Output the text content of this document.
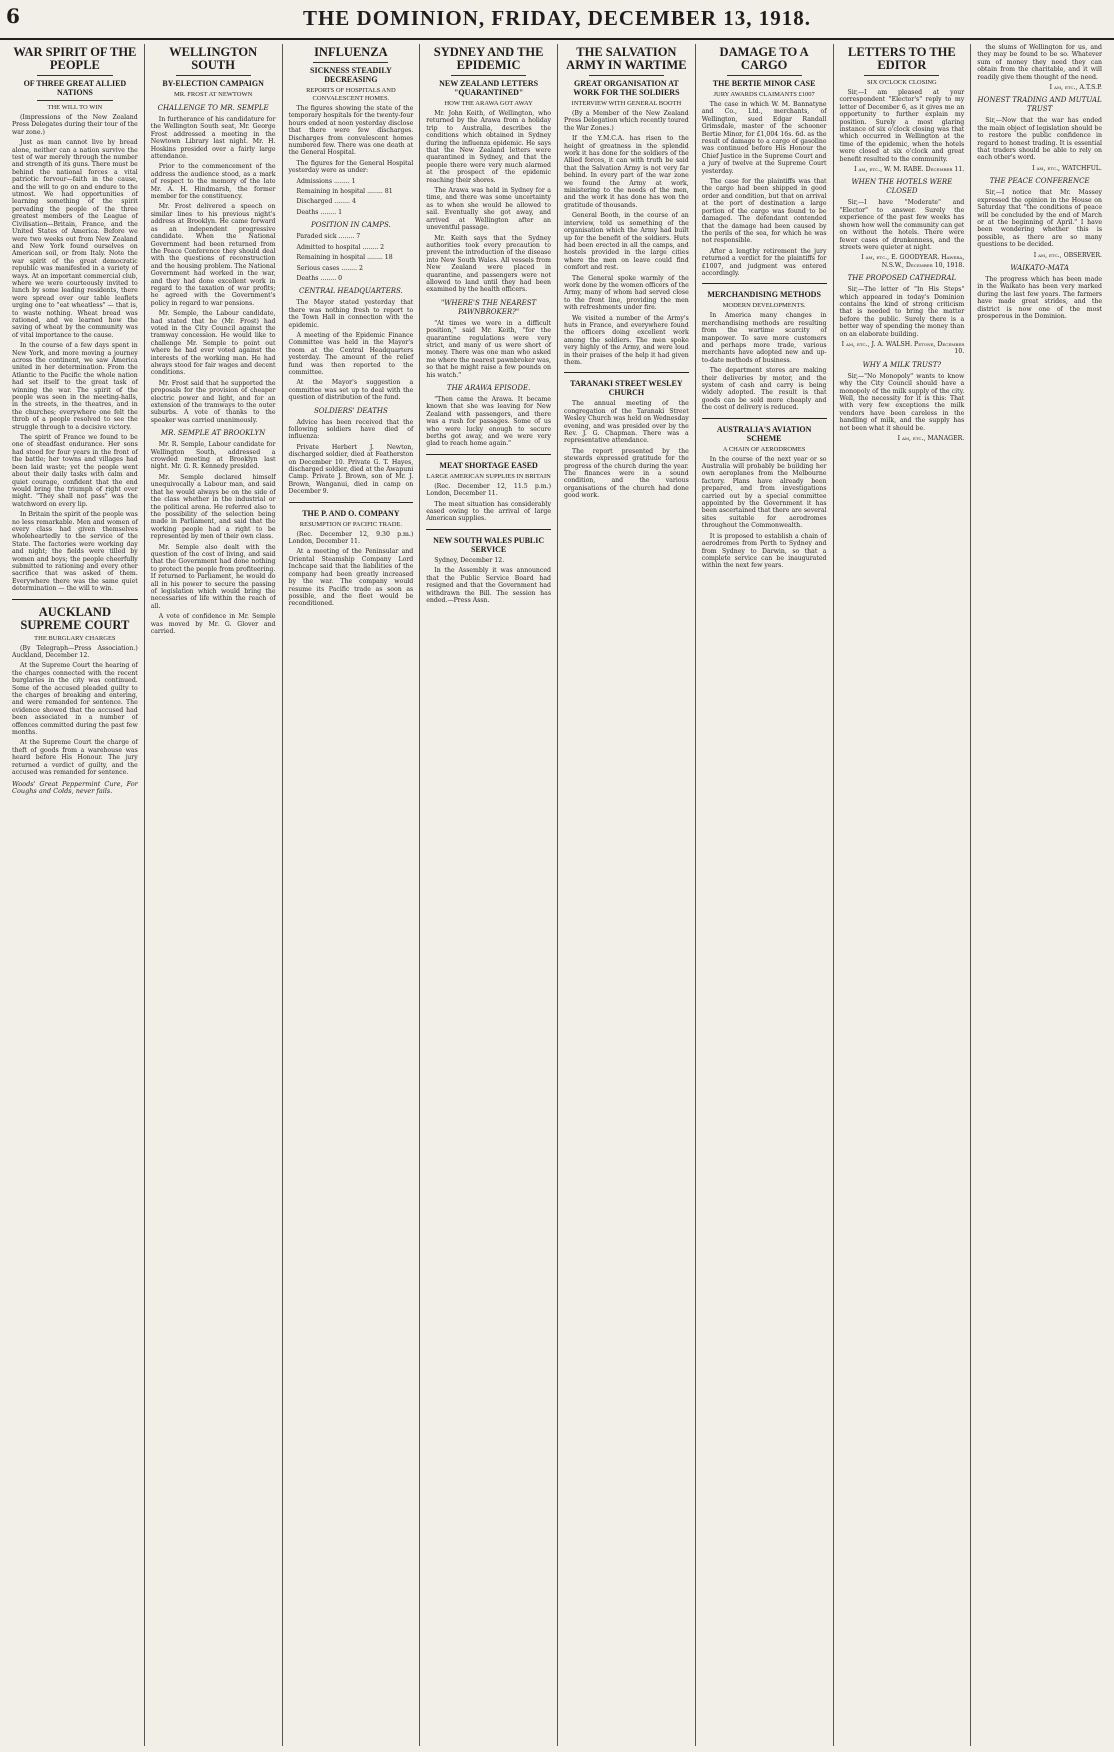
6	THE DOMINION, FRIDAY, DECEMBER 13, 1918.
WAR SPIRIT OF THE PEOPLE
OF THREE GREAT ALLIED NATIONS
THE WILL TO WIN
(Impressions of the New Zealand Press Delegates during their tour of the war zone.)
Just as man cannot live by bread alone, neither can a nation survive the test of war merely through the number and strength of its guns. There must be behind the national forces a vital patriotic fervour—faith in the cause, and the will to go on and endure to the utmost. We had opportunities of learning something of the spirit pervading the people of the three greatest members of the League of Civilisation—Britain, France, and the United States of America. Before we were two weeks out from New Zealand and New York found ourselves on American soil, or from Italy. Note the war spirit of the great democratic republic was manifested in a variety of ways. At an important commercial club, where we were courteously invited to lunch by some leading residents, there were spread over our table leaflets urging one to "eat wheatless" — that is, to waste nothing. Wheat bread was rationed, and we learned how the saving of wheat by the community was of vital importance to the cause.
In the course of a few days spent in New York, and more moving a journey across the continent, we saw America united in her determination. From the Atlantic to the Pacific the whole nation had set itself to the great task of winning the war. The spirit of the people was seen in the meeting-halls, in the streets, in the theatres, and in the churches; everywhere one felt the throb of a people resolved to see the struggle through to a decisive victory.
The spirit of France we found to be one of steadfast endurance. Her sons had stood for four years in the front of the battle; her towns and villages had been laid waste; yet the people went about their daily tasks with calm and quiet courage, confident that the end would bring the triumph of right over might. "They shall not pass" was the watchword on every lip.
In Britain the spirit of the people was no less remarkable. Men and women of every class had given themselves wholeheartedly to the service of the State. The factories were working day and night; the fields were tilled by women and boys; the people cheerfully submitted to rationing and every other sacrifice that was asked of them. Everywhere there was the same quiet determination — the will to win.
AUCKLAND SUPREME COURT
THE BURGLARY CHARGES
(By Telegraph—Press Association.) Auckland, December 12.
At the Supreme Court the hearing of the charges connected with the recent burglaries in the city was continued. Some of the accused pleaded guilty to the charges of breaking and entering, and were remanded for sentence. The evidence showed that the accused had been associated in a number of offences committed during the past few months.
At the Supreme Court the charge of theft of goods from a warehouse was heard before His Honour. The jury returned a verdict of guilty, and the accused was remanded for sentence.
Woods' Great Peppermint Cure, For Coughs and Colds, never fails.
WELLINGTON SOUTH
BY-ELECTION CAMPAIGN
MR. FROST AT NEWTOWN
CHALLENGE TO MR. SEMPLE
In furtherance of his candidature for the Wellington South seat, Mr. George Frost addressed a meeting in the Newtown Library last night. Mr. H. Hoskins presided over a fairly large attendance.
Prior to the commencement of the address the audience stood, as a mark of respect to the memory of the late Mr. A. H. Hindmarsh, the former member for the constituency.
Mr. Frost delivered a speech on similar lines to his previous night's address at Brooklyn. He came forward as an independent progressive candidate. When the National Government had been returned from the Peace Conference they should deal with the questions of reconstruction and the housing problem. The National Government had worked in the war, and they had done excellent work in regard to the taxation of war profits; he agreed with the Government's policy in regard to war pensions.
Mr. Semple, the Labour candidate, had stated that he (Mr. Frost) had voted in the City Council against the tramway concession. He would like to challenge Mr. Semple to point out where he had ever voted against the interests of the working man. He had always stood for fair wages and decent conditions.
Mr. Frost said that he supported the proposals for the provision of cheaper electric power and light, and for an extension of the tramways to the outer suburbs. A vote of thanks to the speaker was carried unanimously.
MR. SEMPLE AT BROOKLYN
Mr. R. Semple, Labour candidate for Wellington South, addressed a crowded meeting at Brooklyn last night. Mr. G. R. Kennedy presided.
Mr. Semple declared himself unequivocally a Labour man, and said that he would always be on the side of the class whether in the industrial or the political arena. He referred also to the possibility of the selection being made in Parliament, and said that the working people had a right to be represented by men of their own class.
Mr. Semple also dealt with the question of the cost of living, and said that the Government had done nothing to protect the people from profiteering. If returned to Parliament, he would do all in his power to secure the passing of legislation which would bring the necessaries of life within the reach of all.
A vote of confidence in Mr. Semple was moved by Mr. G. Glover and carried.
INFLUENZA
SICKNESS STEADILY DECREASING
REPORTS OF HOSPITALS AND CONVALESCENT HOMES.
The figures showing the state of the temporary hospitals for the twenty-four hours ended at noon yesterday disclose that there were few discharges. Discharges from convalescent homes numbered few. There was one death at the General Hospital.
The figures for the General Hospital yesterday were as under:
Admissions ........ 1
Remaining in hospital ........ 81
Discharged ........ 4
Deaths ........ 1
POSITION IN CAMPS.
Paraded sick ........ 7
Admitted to hospital ........ 2
Remaining in hospital ........ 18
Serious cases ........ 2
Deaths ........ 0
CENTRAL HEADQUARTERS.
The Mayor stated yesterday that there was nothing fresh to report to the Town Hall in connection with the epidemic.
A meeting of the Epidemic Finance Committee was held in the Mayor's room at the Central Headquarters yesterday. The amount of the relief fund was then reported to the committee.
At the Mayor's suggestion a committee was set up to deal with the question of distribution of the fund.
SOLDIERS' DEATHS
Advice has been received that the following soldiers have died of influenza:
Private Herbert J. Newton, discharged soldier, died at Featherston on December 10. Private G. T. Hayes, discharged soldier, died at the Awapuni Camp. Private J. Brown, son of Mr. J. Brown, Wanganui, died in camp on December 9.
THE P. AND O. COMPANY
RESUMPTION OF PACIFIC TRADE.
(Rec. December 12, 9.30 p.m.) London, December 11.
At a meeting of the Peninsular and Oriental Steamship Company Lord Inchcape said that the liabilities of the company had been greatly increased by the war. The company would resume its Pacific trade as soon as possible, and the fleet would be reconditioned.
SYDNEY AND THE EPIDEMIC
NEW ZEALAND LETTERS "QUARANTINED"
HOW THE ARAWA GOT AWAY
Mr. John Keith, of Wellington, who returned by the Arawa from a holiday trip to Australia, describes the conditions which obtained in Sydney during the influenza epidemic. He says that the New Zealand letters were quarantined in Sydney, and that the people there were very much alarmed at the prospect of the epidemic reaching their shores.
The Arawa was held in Sydney for a time, and there was some uncertainty as to when she would be allowed to sail. Eventually she got away, and arrived at Wellington after an uneventful passage.
Mr. Keith says that the Sydney authorities took every precaution to prevent the introduction of the disease into New South Wales. All vessels from New Zealand were placed in quarantine, and passengers were not allowed to land until they had been examined by the health officers.
"WHERE'S THE NEAREST PAWNBROKER?"
"At times we were in a difficult position," said Mr. Keith, "for the quarantine regulations were very strict, and many of us were short of money. There was one man who asked me where the nearest pawnbroker was, so that he might raise a few pounds on his watch."
THE ARAWA EPISODE.
"Then came the Arawa. It became known that she was leaving for New Zealand with passengers, and there was a rush for passages. Some of us who were lucky enough to secure berths got away, and we were very glad to reach home again."
MEAT SHORTAGE EASED
LARGE AMERICAN SUPPLIES IN BRITAIN
(Rec. December 12, 11.5 p.m.) London, December 11.
The meat situation has considerably eased owing to the arrival of large American supplies.
NEW SOUTH WALES PUBLIC SERVICE
Sydney, December 12.
In the Assembly it was announced that the Public Service Board had resigned and that the Government had withdrawn the Bill. The session has ended.—Press Assn.
THE SALVATION ARMY IN WARTIME
GREAT ORGANISATION AT WORK FOR THE SOLDIERS
INTERVIEW WITH GENERAL BOOTH
(By a Member of the New Zealand Press Delegation which recently toured the War Zones.)
If the Y.M.C.A. has risen to the height of greatness in the splendid work it has done for the soldiers of the Allied forces, it can with truth be said that the Salvation Army is not very far behind. In every part of the war zone we found the Army at work, ministering to the needs of the men, and the work it has done has won the gratitude of thousands.
General Booth, in the course of an interview, told us something of the organisation which the Army had built up for the benefit of the soldiers. Huts had been erected in all the camps, and hostels provided in the large cities where the men on leave could find comfort and rest.
The General spoke warmly of the work done by the women officers of the Army, many of whom had served close to the front line, providing the men with refreshments under fire.
We visited a number of the Army's huts in France, and everywhere found the officers doing excellent work among the soldiers. The men spoke very highly of the Army, and were loud in their praises of the help it had given them.
TARANAKI STREET WESLEY CHURCH
The annual meeting of the congregation of the Taranaki Street Wesley Church was held on Wednesday evening, and was presided over by the Rev. J. G. Chapman. There was a representative attendance.
The report presented by the stewards expressed gratitude for the progress of the church during the year. The finances were in a sound condition, and the various organisations of the church had done good work.
DAMAGE TO A CARGO
THE BERTIE MINOR CASE
JURY AWARDS CLAIMANTS £1007
The case in which W. M. Bannatyne and Co., Ltd., merchants, of Wellington, sued Edgar Randall Grimsdale, master of the schooner Bertie Minor, for £1,004 16s. 6d. as the result of damage to a cargo of gasoline was continued before His Honour the Chief Justice in the Supreme Court and a jury of twelve at the Supreme Court yesterday.
The case for the plaintiffs was that the cargo had been shipped in good order and condition, but that on arrival at the port of destination a large portion of the cargo was found to be damaged. The defendant contended that the damage had been caused by the perils of the sea, for which he was not responsible.
After a lengthy retirement the jury returned a verdict for the plaintiffs for £1007, and judgment was entered accordingly.
MERCHANDISING METHODS
MODERN DEVELOPMENTS.
In America many changes in merchandising methods are resulting from the wartime scarcity of manpower. To save more customers and perhaps more trade, various merchants have adopted new and up-to-date methods of business.
The department stores are making their deliveries by motor, and the system of cash and carry is being widely adopted. The result is that goods can be sold more cheaply and the cost of delivery is reduced.
AUSTRALIA'S AVIATION SCHEME
A CHAIN OF AERODROMES
In the course of the next year or so Australia will probably be building her own aeroplanes from the Melbourne factory. Plans have already been prepared, and from investigations carried out by a special committee appointed by the Government it has been ascertained that there are several sites suitable for aerodromes throughout the Commonwealth.
It is proposed to establish a chain of aerodromes from Perth to Sydney and from Sydney to Darwin, so that a complete service can be inaugurated within the next few years.
LETTERS TO THE EDITOR
SIX O'CLOCK CLOSING
Sir,—I am pleased at your correspondent "Elector's" reply to my letter of December 6, as it gives me an opportunity to further explain my position. Surely a most glaring instance of six o'clock closing was that which occurred in Wellington at the time of the epidemic, when the hotels were closed at six o'clock and great benefit resulted to the community.
I am, etc., W. M. RABE. December 11.
WHEN THE HOTELS WERE CLOSED
Sir,—I have "Moderate" and "Elector" to answer. Surely the experience of the past few weeks has shown how well the community can get on without the hotels. There were fewer cases of drunkenness, and the streets were quieter at night.
I am, etc., E. GOODYEAR. Hawera, N.S.W., December 10, 1918.
THE PROPOSED CATHEDRAL
Sir,—The letter of "In His Steps" which appeared in today's Dominion contains the kind of strong criticism that is needed to bring the matter before the public. Surely there is a better way of spending the money than on an elaborate building.
I am, etc., J. A. WALSH. Petone, December 10.
WHY A MILK TRUST?
Sir,—"No Monopoly" wants to know why the City Council should have a monopoly of the milk supply of the city. Well, the necessity for it is this: That with very few exceptions the milk vendors have been careless in the handling of milk, and the supply has not been what it should be.
I am, etc., MANAGER.
the slums of Wellington for us, and they may be found to be so. Whatever sum of money they need they can obtain from the charitable, and it will readily give them thought of the need.
I am, etc., A.T.S.P.
HONEST TRADING AND MUTUAL TRUST
Sir,—Now that the war has ended the main object of legislation should be to restore the public confidence in regard to honest trading. It is essential that traders should be able to rely on each other's word.
I am, etc., WATCHFUL.
THE PEACE CONFERENCE
Sir,—I notice that Mr. Massey expressed the opinion in the House on Saturday that "the conditions of peace will be concluded by the end of March or at the beginning of April." I have been wondering whether this is possible, as there are so many questions to be decided.
I am, etc., OBSERVER.
WAIKATO-MATA
The progress which has been made in the Waikato has been very marked during the last few years. The farmers have made great strides, and the district is now one of the most prosperous in the Dominion.
